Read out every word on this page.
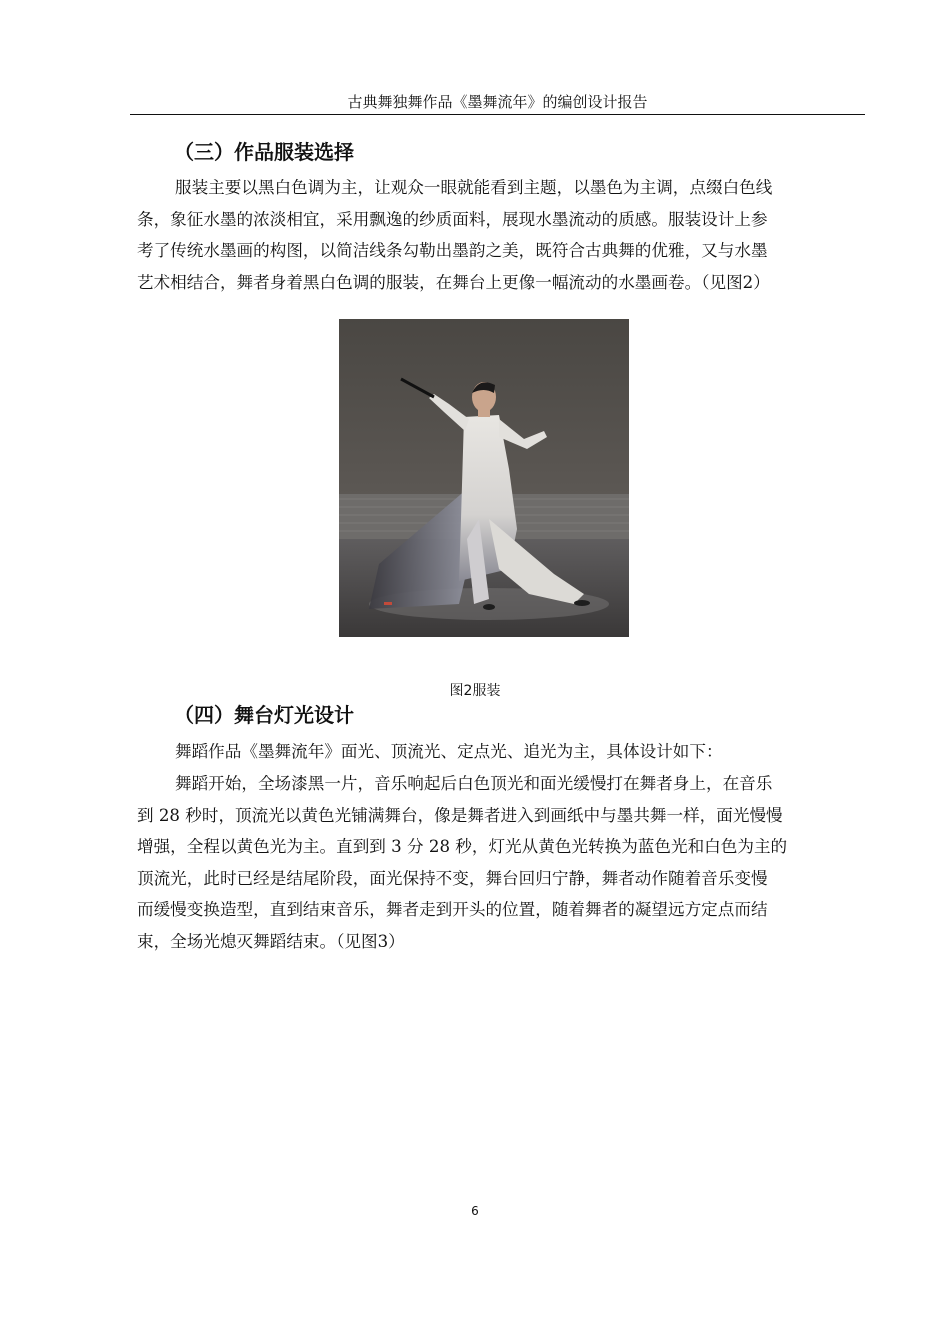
古典舞独舞作品《墨舞流年》的编创设计报告
（三）作品服装选择

服装主要以黑白色调为主，让观众一眼就能看到主题，以墨色为主调，点缀白色线
条，象征水墨的浓淡相宜，采用飘逸的纱质面料，展现水墨流动的质感。服装设计上参
考了传统水墨画的构图，以简洁线条勾勒出墨韵之美，既符合古典舞的优雅，又与水墨
艺术相结合，舞者身着黑白色调的服装，在舞台上更像一幅流动的水墨画卷。（见图2）

图2服装
（四）舞台灯光设计

舞蹈作品《墨舞流年》面光、顶流光、定点光、追光为主，具体设计如下：

舞蹈开始，全场漆黑一片，音乐响起后白色顶光和面光缓慢打在舞者身上，在音乐
到 28 秒时，顶流光以黄色光铺满舞台，像是舞者进入到画纸中与墨共舞一样，面光慢慢
增强，全程以黄色光为主。直到到 3 分 28 秒，灯光从黄色光转换为蓝色光和白色为主的
顶流光，此时已经是结尾阶段，面光保持不变，舞台回归宁静，舞者动作随着音乐变慢
而缓慢变换造型，直到结束音乐，舞者走到开头的位置，随着舞者的凝望远方定点而结
束，全场光熄灭舞蹈结束。（见图3）

6
